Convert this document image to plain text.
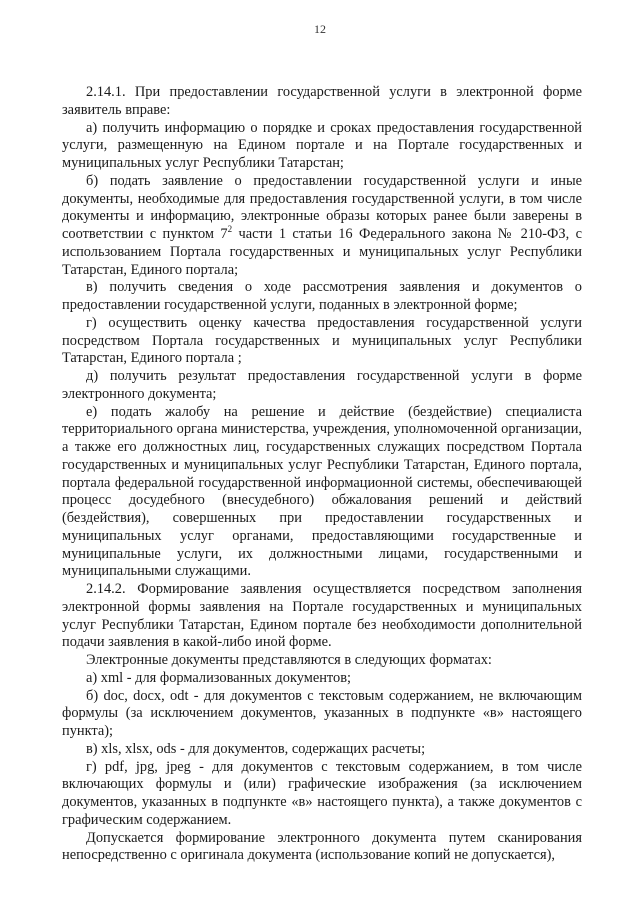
12

2.14.1. При предоставлении государственной услуги в электронной форме заявитель вправе:

а) получить информацию о порядке и сроках предоставления государственной услуги, размещенную на Едином портале и на Портале государственных и муниципальных услуг Республики Татарстан;

б) подать заявление о предоставлении государственной услуги и иные документы, необходимые для предоставления государственной услуги, в том числе документы и информацию, электронные образы которых ранее были заверены в соответствии с пунктом $7^2$ части 1 статьи 16 Федерального закона № 210-ФЗ, с использованием Портала государственных и муниципальных услуг Республики Татарстан, Единого портала;

в) получить сведения о ходе рассмотрения заявления и документов о предоставлении государственной услуги, поданных в электронной форме;

г) осуществить оценку качества предоставления государственной услуги посредством Портала государственных и муниципальных услуг Республики Татарстан, Единого портала ;

д) получить результат предоставления государственной услуги в форме электронного документа;

е) подать жалобу на решение и действие (бездействие) специалиста территориального органа министерства, учреждения, уполномоченной организации, а также его должностных лиц, государственных служащих посредством Портала государственных и муниципальных услуг Республики Татарстан, Единого портала, портала федеральной государственной информационной системы, обеспечивающей процесс досудебного (внесудебного) обжалования решений и действий (бездействия), совершенных при предоставлении государственных и муниципальных услуг органами, предоставляющими государственные и муниципальные услуги, их должностными лицами, государственными и муниципальными служащими.

2.14.2. Формирование заявления осуществляется посредством заполнения электронной формы заявления на Портале государственных и муниципальных услуг Республики Татарстан, Едином портале без необходимости дополнительной подачи заявления в какой-либо иной форме.

Электронные документы представляются в следующих форматах:

а) xml - для формализованных документов;

б) doc, docx, odt - для документов с текстовым содержанием, не включающим формулы (за исключением документов, указанных в подпункте «в» настоящего пункта);

в) xls, xlsx, ods - для документов, содержащих расчеты;

г) pdf, jpg, jpeg - для документов с текстовым содержанием, в том числе включающих формулы и (или) графические изображения (за исключением документов, указанных в подпункте «в» настоящего пункта), а также документов с графическим содержанием.

Допускается формирование электронного документа путем сканирования непосредственно с оригинала документа (использование копий не допускается),
